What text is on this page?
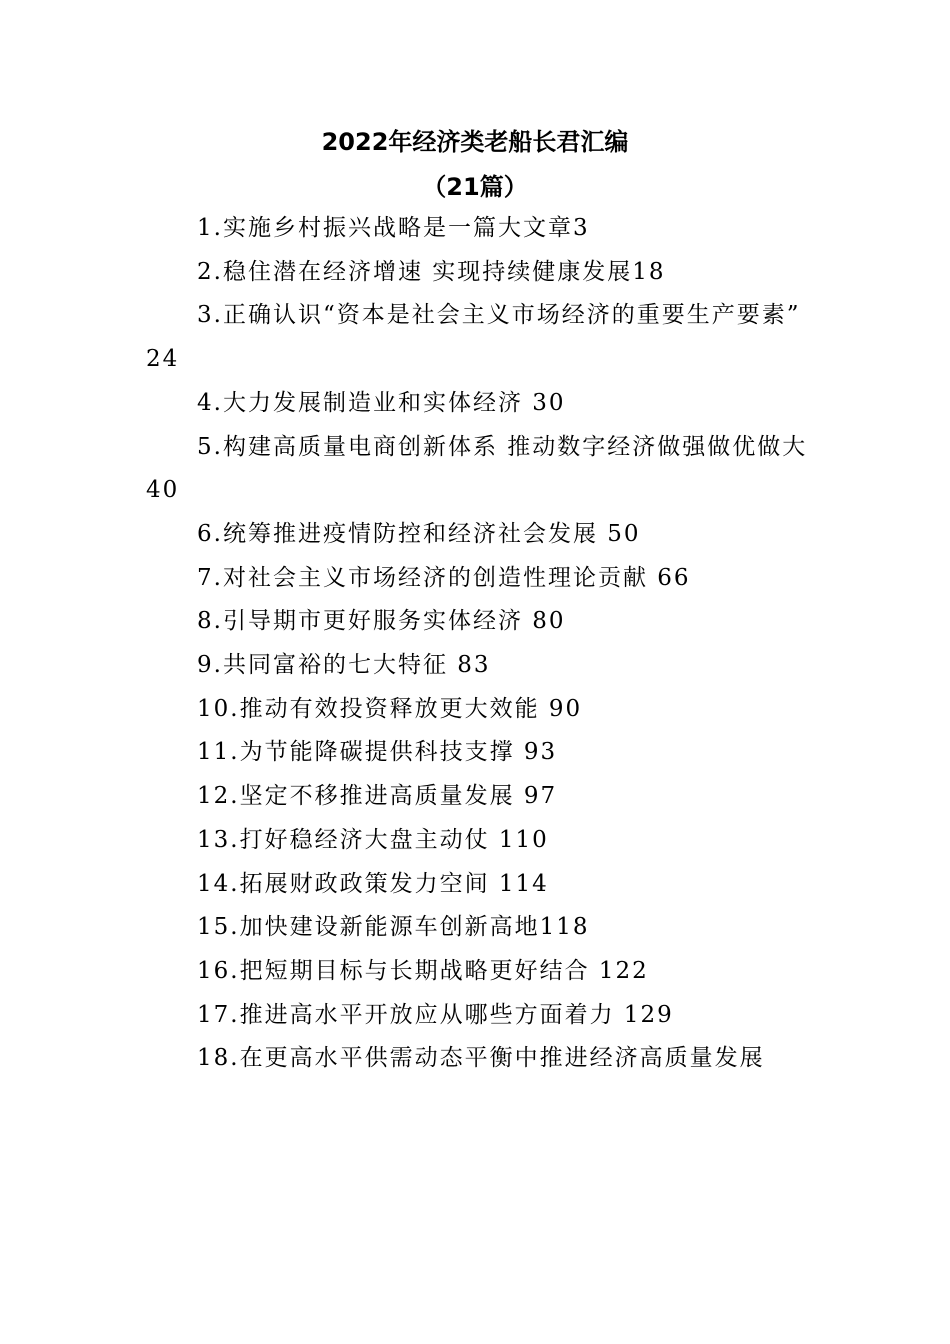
2022年经济类老船长君汇编
（21篇）
1.实施乡村振兴战略是一篇大文章3
2.稳住潜在经济增速 实现持续健康发展18
3.正确认识“资本是社会主义市场经济的重要生产要素” 24
4.大力发展制造业和实体经济 30
5.构建高质量电商创新体系 推动数字经济做强做优做大 40
6.统筹推进疫情防控和经济社会发展 50
7.对社会主义市场经济的创造性理论贡献 66
8.引导期市更好服务实体经济 80
9.共同富裕的七大特征 83
10.推动有效投资释放更大效能 90
11.为节能降碳提供科技支撑 93
12.坚定不移推进高质量发展 97
13.打好稳经济大盘主动仗 110
14.拓展财政政策发力空间 114
15.加快建设新能源车创新高地118
16.把短期目标与长期战略更好结合 122
17.推进高水平开放应从哪些方面着力 129
18.在更高水平供需动态平衡中推进经济高质量发展
